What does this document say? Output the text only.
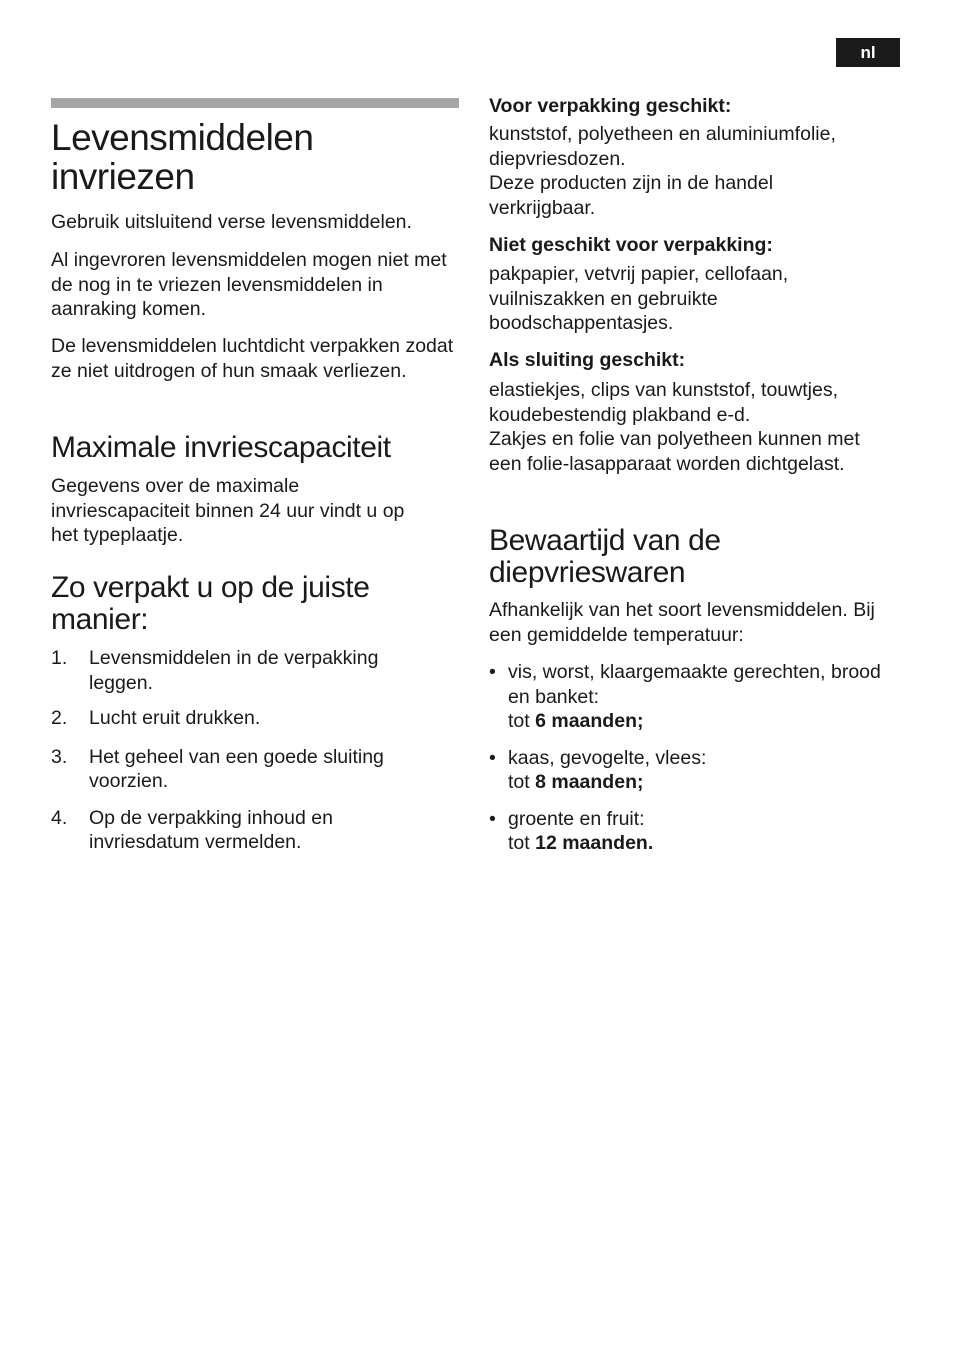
nl
Levensmiddelen invriezen

Gebruik uitsluitend verse levensmiddelen.

Al ingevroren levensmiddelen mogen niet met de nog in te vriezen levensmiddelen in aanraking komen.

De levensmiddelen luchtdicht verpakken zodat ze niet uitdrogen of hun smaak verliezen.

Maximale invriescapaciteit

Gegevens over de maximale invriescapaciteit binnen 24 uur vindt u op het typeplaatje.

Zo verpakt u op de juiste manier:
1. Levensmiddelen in de verpakking leggen.
2. Lucht eruit drukken.
3. Het geheel van een goede sluiting voorzien.
4. Op de verpakking inhoud en invriesdatum vermelden.
Voor verpakking geschikt:

kunststof, polyetheen en aluminiumfolie, diepvriesdozen.

Deze producten zijn in de handel verkrijgbaar.

Niet geschikt voor verpakking:

pakpapier, vetvrij papier, cellofaan, vuilniszakken en gebruikte boodschappentasjes.

Als sluiting geschikt:

elastiekjes, clips van kunststof, touwtjes, koudebestendig plakband e-d.

Zakjes en folie van polyetheen kunnen met een folie-lasapparaat worden dichtgelast.

Bewaartijd van de diepvrieswaren

Afhankelijk van het soort levensmiddelen. Bij een gemiddelde temperatuur:

• vis, worst, klaargemaakte gerechten, brood en banket:
tot 6 maanden;
• kaas, gevogelte, vlees:
tot 8 maanden;
• groente en fruit:
tot 12 maanden.
